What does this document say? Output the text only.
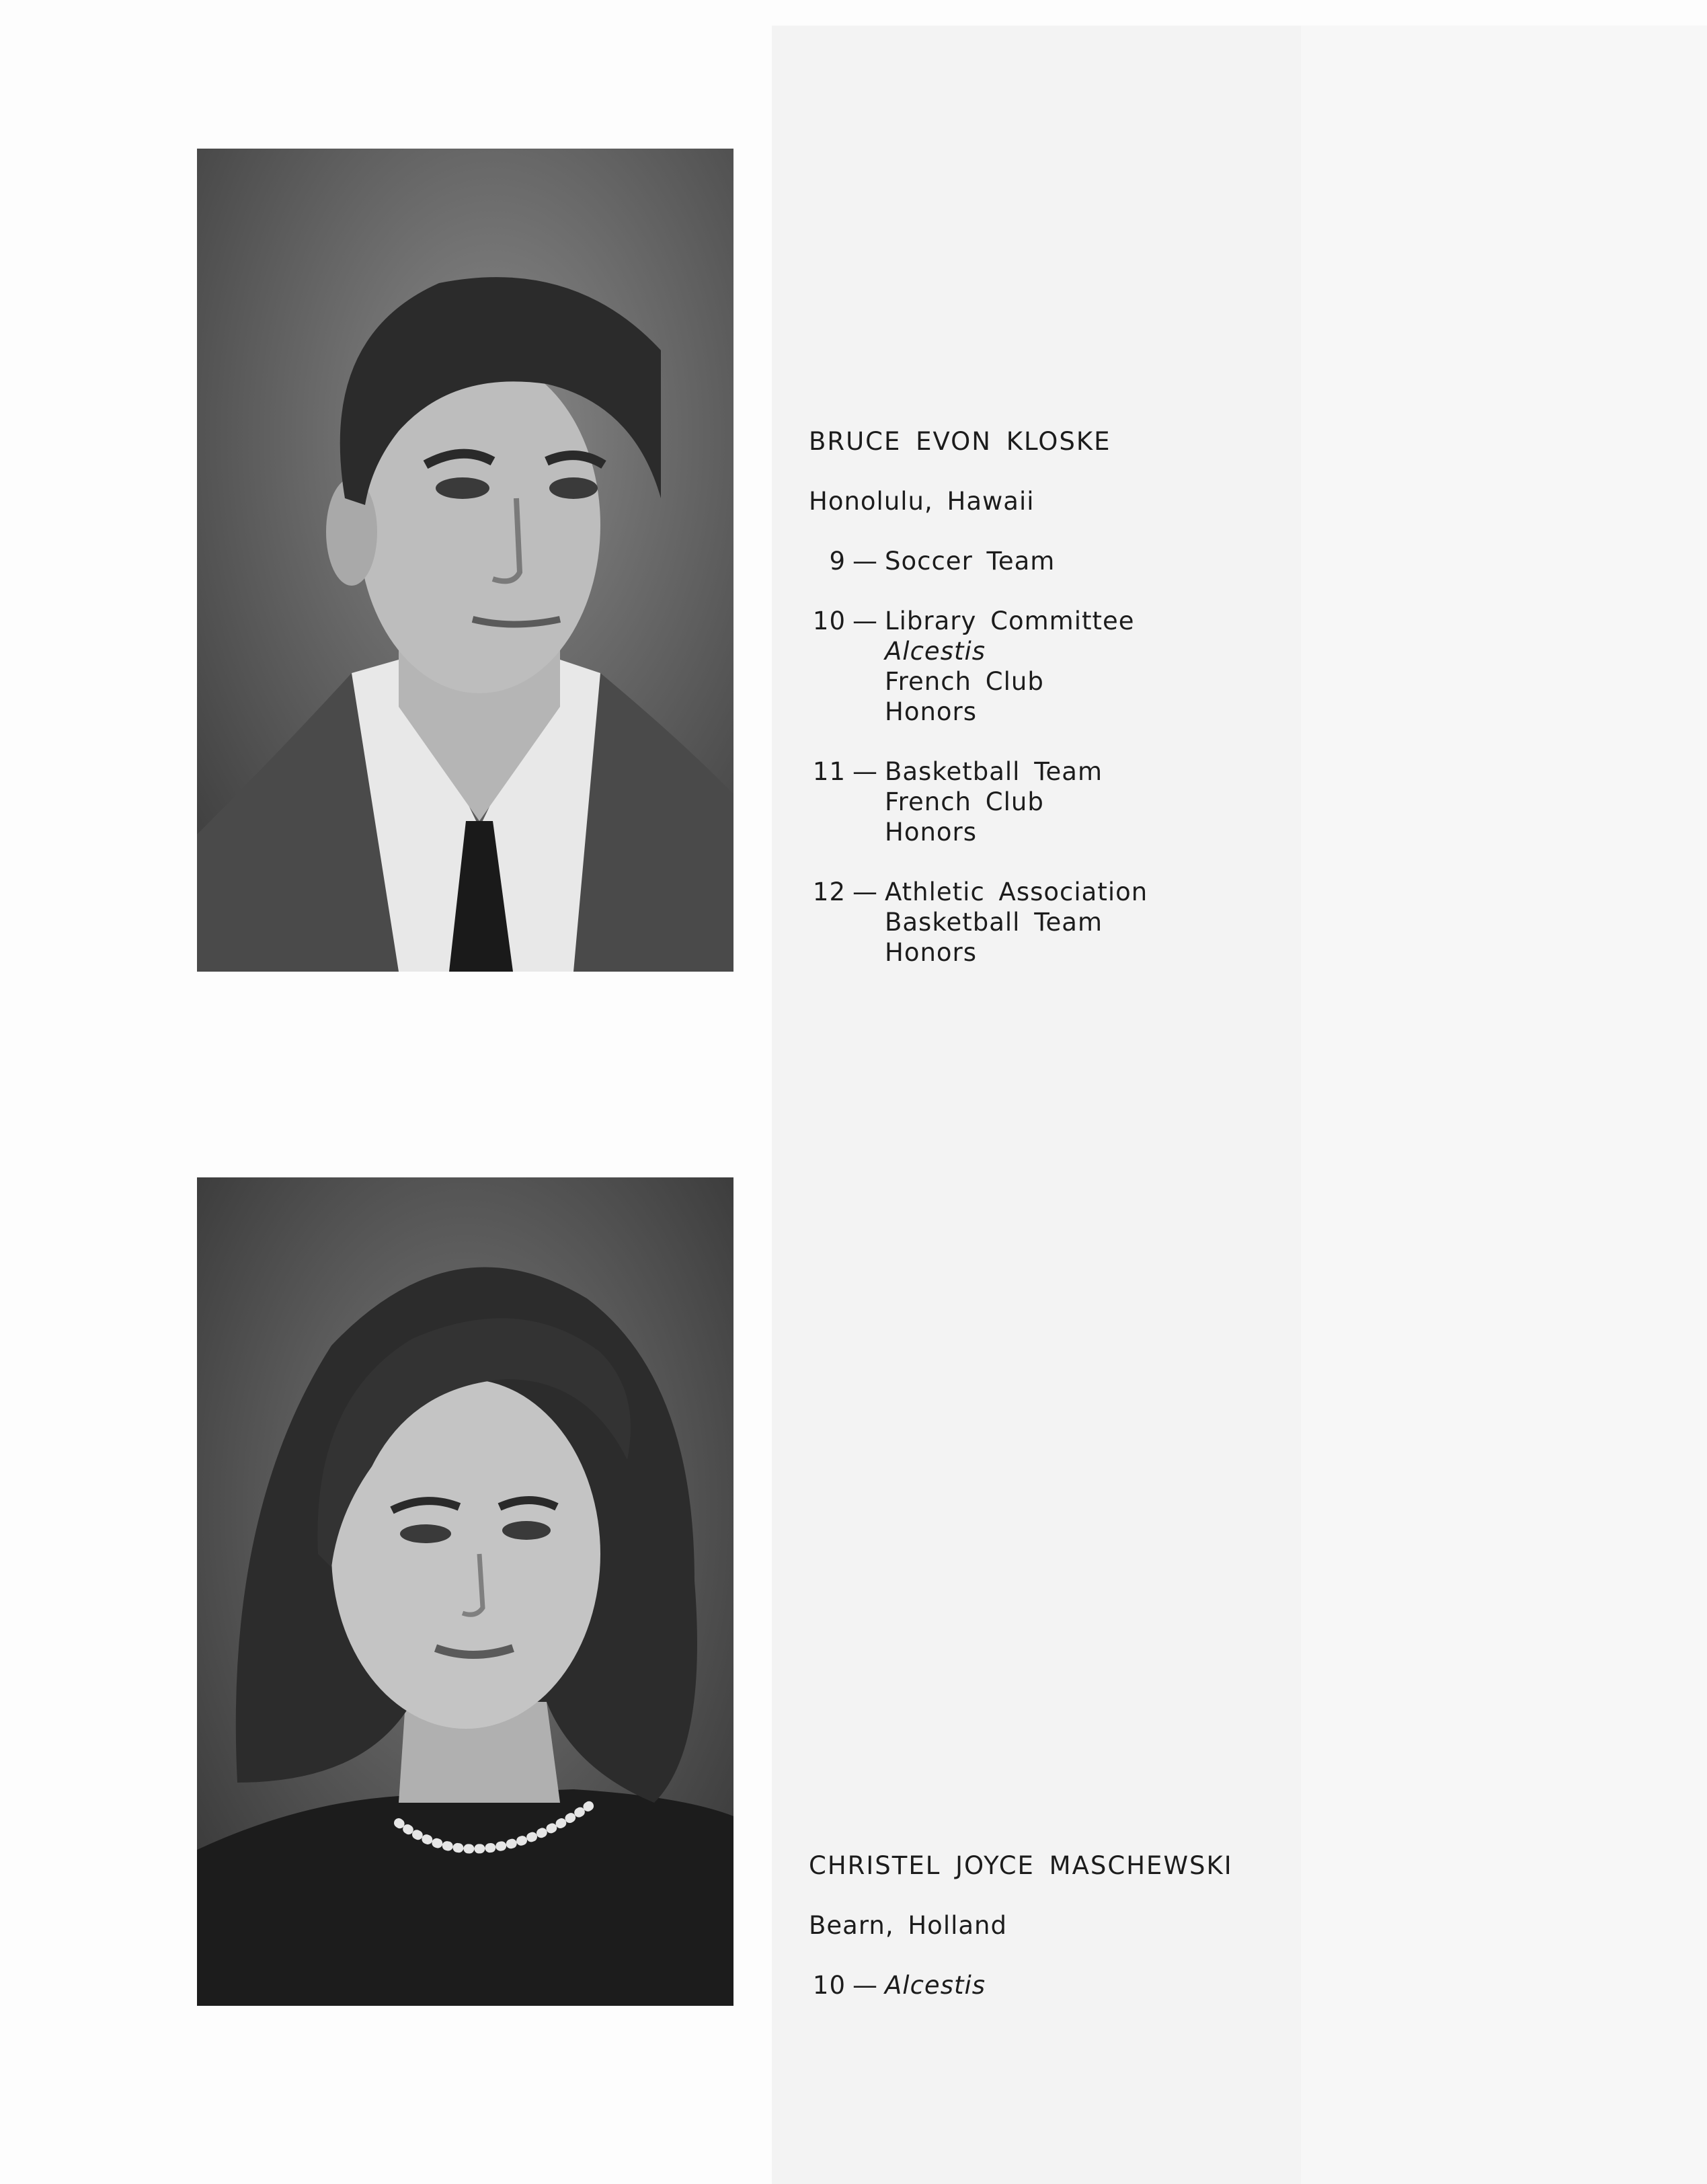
BRUCE EVON KLOSKE
Honolulu, Hawaii
9 — Soccer Team
10 — Library Committee
Alcestis
French Club
Honors
11 — Basketball Team
French Club
Honors
12 — Athletic Association
Basketball Team
Honors
CHRISTEL JOYCE MASCHEWSKI
Bearn, Holland
10 — Alcestis
